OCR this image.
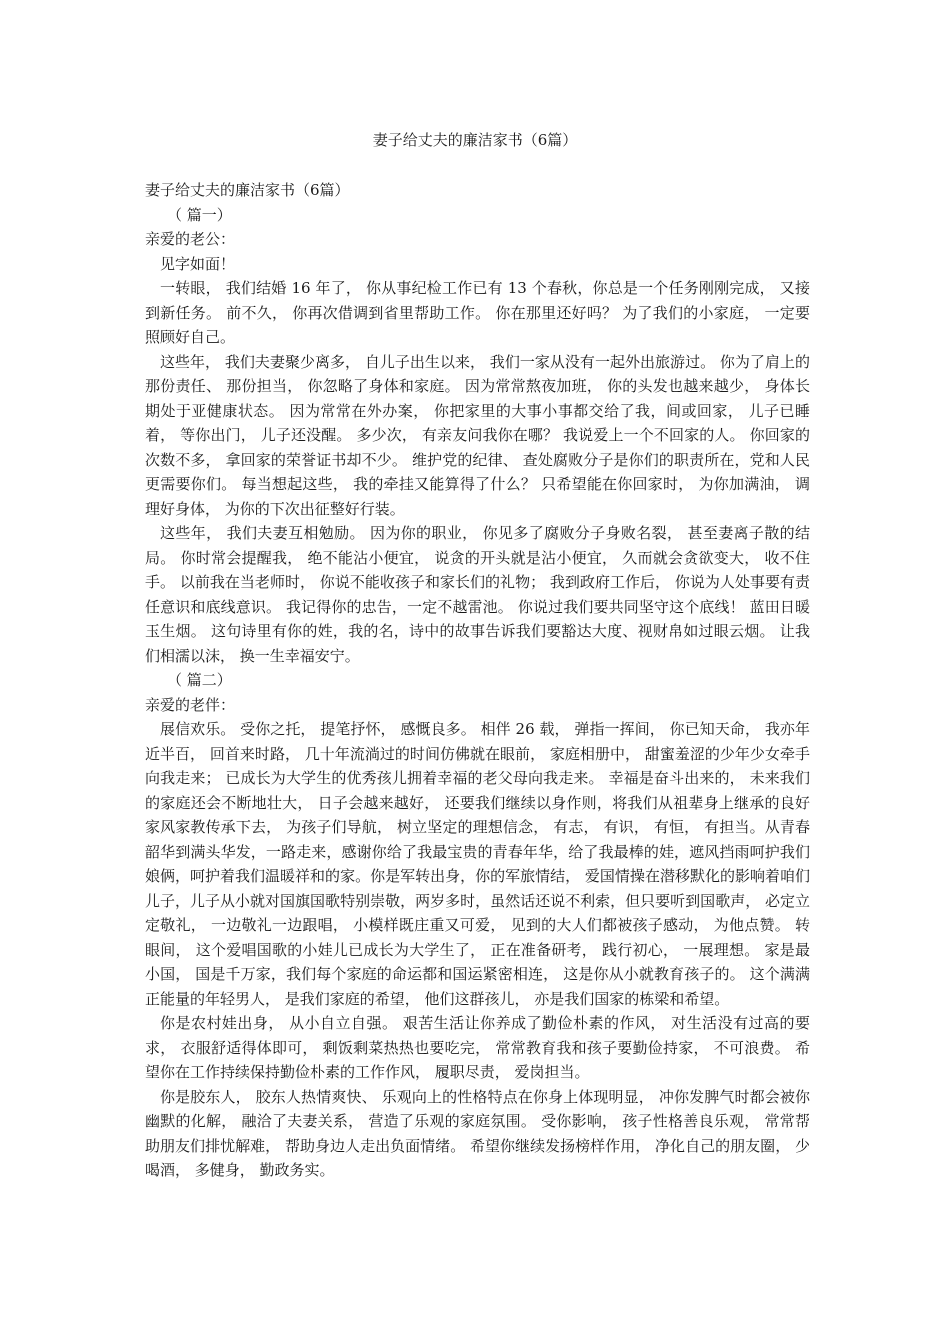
妻子给丈夫的廉洁家书（6篇）

妻子给丈夫的廉洁家书（6篇）

（ 篇一）

亲爱的老公：

见字如面！

一转眼， 我们结婚 16 年了， 你从事纪检工作已有 13 个春秋，你总是一个任务刚刚完成， 又接到新任务。 前不久， 你再次借调到省里帮助工作。 你在那里还好吗？ 为了我们的小家庭， 一定要照顾好自己。

这些年， 我们夫妻聚少离多， 自儿子出生以来， 我们一家从没有一起外出旅游过。 你为了肩上的那份责任、 那份担当， 你忽略了身体和家庭。 因为常常熬夜加班， 你的头发也越来越少， 身体长期处于亚健康状态。 因为常常在外办案， 你把家里的大事小事都交给了我，间或回家， 儿子已睡着， 等你出门， 儿子还没醒。 多少次， 有亲友问我你在哪？ 我说爱上一个不回家的人。 你回家的次数不多， 拿回家的荣誉证书却不少。 维护党的纪律、 查处腐败分子是你们的职责所在，党和人民更需要你们。 每当想起这些， 我的牵挂又能算得了什么？ 只希望能在你回家时， 为你加满油， 调理好身体， 为你的下次出征整好行装。

这些年， 我们夫妻互相勉励。 因为你的职业， 你见多了腐败分子身败名裂， 甚至妻离子散的结局。 你时常会提醒我， 绝不能沾小便宜， 说贪的开头就是沾小便宜， 久而就会贪欲变大， 收不住手。 以前我在当老师时， 你说不能收孩子和家长们的礼物； 我到政府工作后， 你说为人处事要有责任意识和底线意识。 我记得你的忠告，一定不越雷池。 你说过我们要共同坚守这个底线！ 蓝田日暖玉生烟。 这句诗里有你的姓，我的名，诗中的故事告诉我们要豁达大度、视财帛如过眼云烟。 让我们相濡以沫， 换一生幸福安宁。

（ 篇二）

亲爱的老伴：

展信欢乐。 受你之托， 提笔抒怀， 感慨良多。 相伴 26 载， 弹指一挥间， 你已知天命， 我亦年近半百， 回首来时路， 几十年流淌过的时间仿佛就在眼前， 家庭相册中， 甜蜜羞涩的少年少女牵手向我走来； 已成长为大学生的优秀孩儿拥着幸福的老父母向我走来。 幸福是奋斗出来的， 未来我们的家庭还会不断地壮大， 日子会越来越好， 还要我们继续以身作则，将我们从祖辈身上继承的良好家风家教传承下去， 为孩子们导航， 树立坚定的理想信念， 有志， 有识， 有恒， 有担当。从青春韶华到满头华发，一路走来，感谢你给了我最宝贵的青春年华，给了我最棒的娃，遮风挡雨呵护我们娘俩，呵护着我们温暖祥和的家。你是军转出身，你的军旅情结， 爱国情操在潜移默化的影响着咱们儿子，儿子从小就对国旗国歌特别崇敬，两岁多时，虽然话还说不利索，但只要听到国歌声， 必定立定敬礼， 一边敬礼一边跟唱， 小模样既庄重又可爱， 见到的大人们都被孩子感动， 为他点赞。 转眼间， 这个爱唱国歌的小娃儿已成长为大学生了， 正在准备研考， 践行初心， 一展理想。 家是最小国， 国是千万家，我们每个家庭的命运都和国运紧密相连， 这是你从小就教育孩子的。 这个满满正能量的年轻男人， 是我们家庭的希望， 他们这群孩儿， 亦是我们国家的栋梁和希望。

你是农村娃出身， 从小自立自强。 艰苦生活让你养成了勤俭朴素的作风， 对生活没有过高的要求， 衣服舒适得体即可， 剩饭剩菜热热也要吃完， 常常教育我和孩子要勤俭持家， 不可浪费。 希望你在工作持续保持勤俭朴素的工作作风， 履职尽责， 爱岗担当。

你是胶东人， 胶东人热情爽快、 乐观向上的性格特点在你身上体现明显， 冲你发脾气时都会被你幽默的化解， 融洽了夫妻关系， 营造了乐观的家庭氛围。 受你影响， 孩子性格善良乐观， 常常帮助朋友们排忧解难， 帮助身边人走出负面情绪。 希望你继续发扬榜样作用， 净化自己的朋友圈， 少喝酒， 多健身， 勤政务实。
